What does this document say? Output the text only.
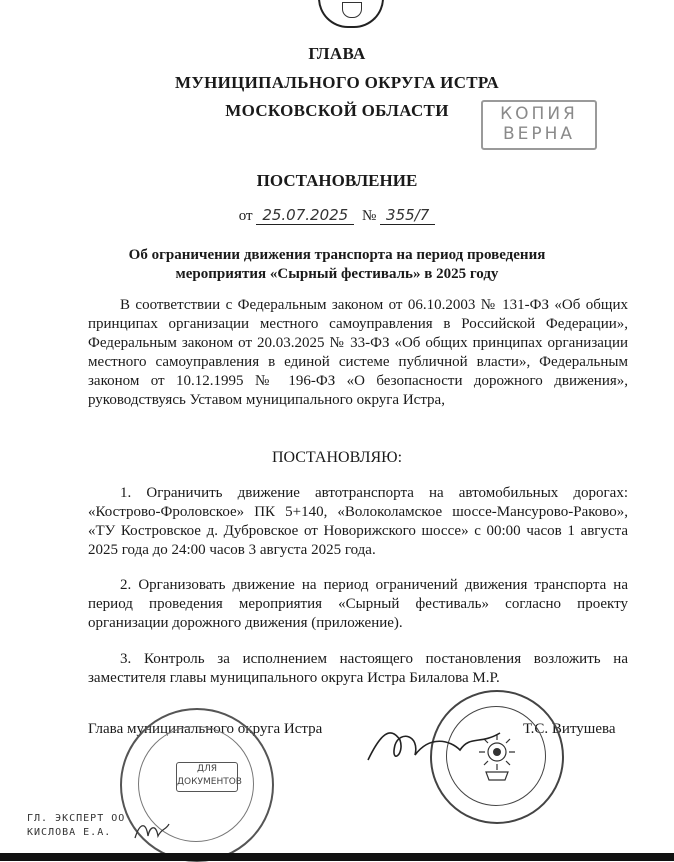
ГЛАВА
МУНИЦИПАЛЬНОГО ОКРУГА ИСТРА
МОСКОВСКОЙ ОБЛАСТИ	КОПИЯ
ВЕРНА
ПОСТАНОВЛЕНИЕ
от 25.07.2025 № 355/7
Об ограничении движения транспорта на период проведения
мероприятия «Сырный фестиваль» в 2025 году

В соответствии с Федеральным законом от 06.10.2003 № 131-ФЗ «Об общих принципах организации местного самоуправления в Российской Федерации», Федеральным законом от 20.03.2025 № 33-ФЗ «Об общих принципах организации местного самоуправления в единой системе публичной власти», Федеральным законом от 10.12.1995 № 196-ФЗ «О безопасности дорожного движения», руководствуясь Уставом муниципального округа Истра,

ПОСТАНОВЛЯЮ:

1. Ограничить движение автотранспорта на автомобильных дорогах: «Кострово-Фроловское» ПК 5+140, «Волоколамское шоссе-Мансурово-Раково», «ТУ Костровское д. Дубровское от Новорижского шоссе» с 00:00 часов 1 августа 2025 года до 24:00 часов 3 августа 2025 года.

2. Организовать движение на период ограничений движения транспорта на период проведения мероприятия «Сырный фестиваль» согласно проекту организации дорожного движения (приложение).

3. Контроль за исполнением настоящего постановления возложить на заместителя главы муниципального округа Истра Билалова М.Р.

Глава муниципального округа Истра	Т.С. Витушева
ДЛЯ
ДОКУМЕНТОВ
ГЛ. ЭКСПЕРТ ОО
КИСЛОВА Е.А.
